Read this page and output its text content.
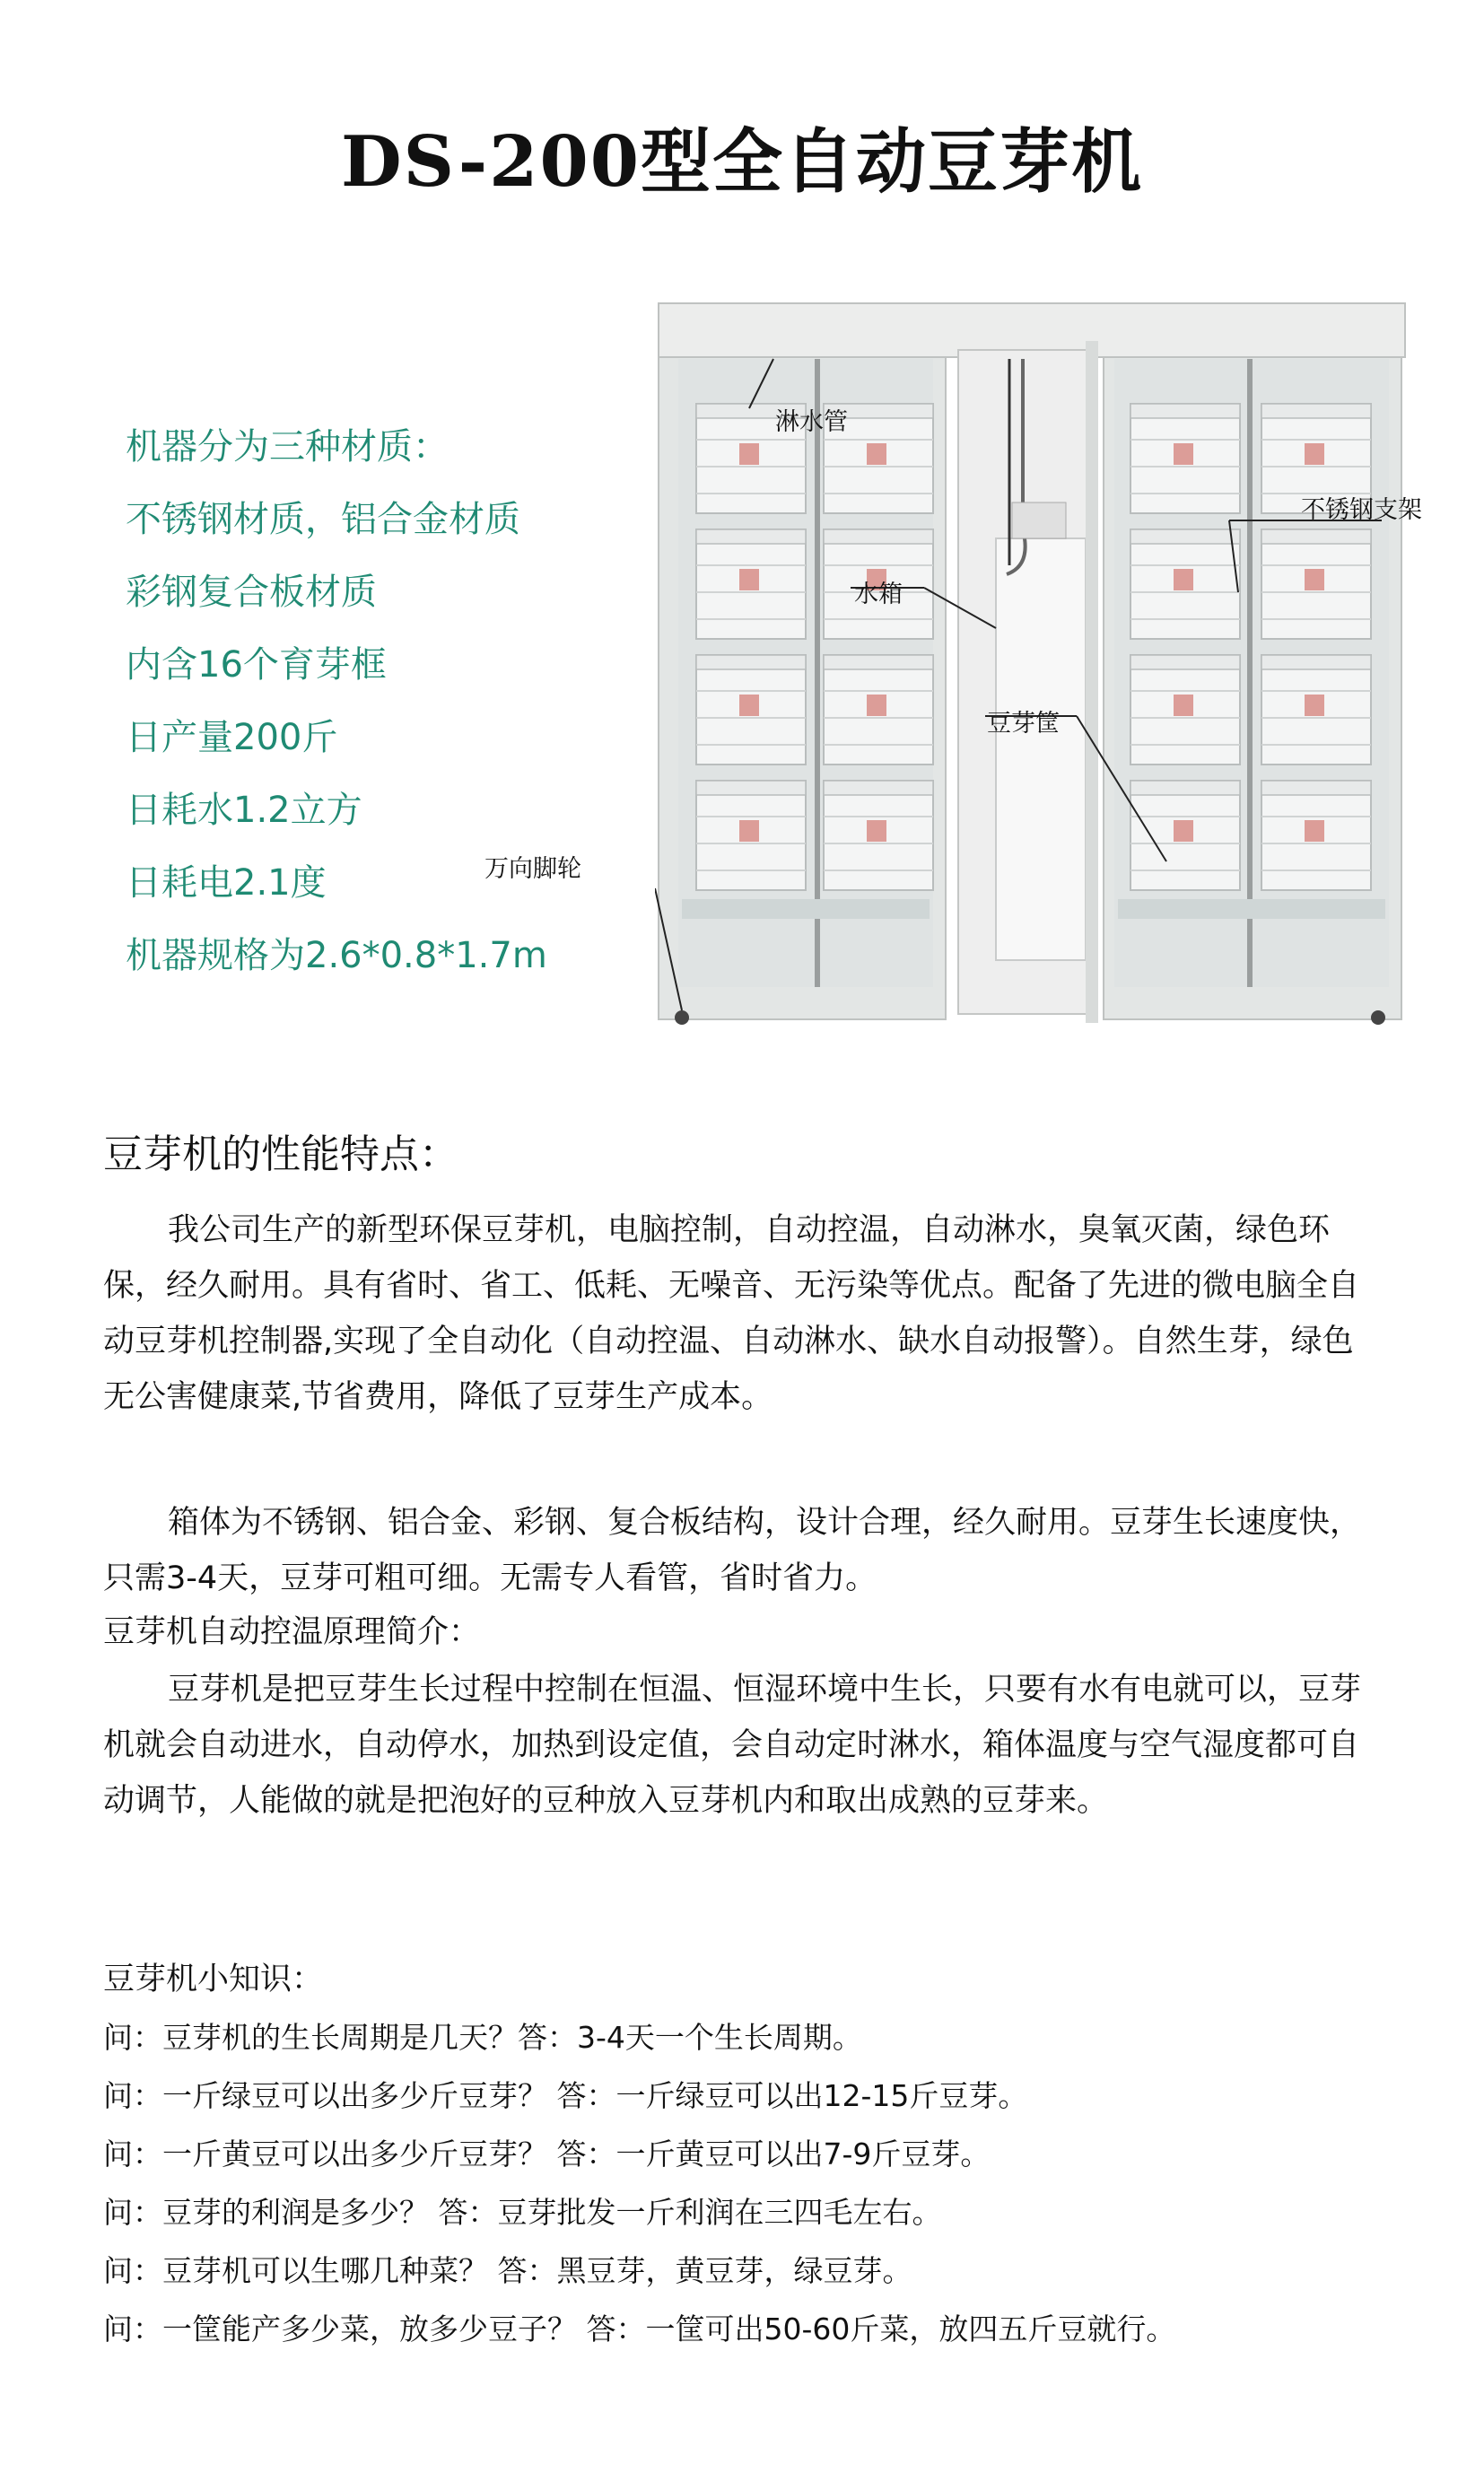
DS-200型全自动豆芽机
机器分为三种材质：
不锈钢材质，铝合金材质
彩钢复合板材质
内含16个育芽框
日产量200斤
日耗水1.2立方
日耗电2.1度
机器规格为2.6*0.8*1.7m
淋水管
不锈钢支架
水箱
豆芽筐
万向脚轮
豆芽机的性能特点：

我公司生产的新型环保豆芽机，电脑控制，自动控温，自动淋水，臭氧灭菌，绿色环保，经久耐用。具有省时、省工、低耗、无噪音、无污染等优点。配备了先进的微电脑全自动豆芽机控制器,实现了全自动化（自动控温、自动淋水、缺水自动报警）。自然生芽，绿色无公害健康菜,节省费用，降低了豆芽生产成本。

箱体为不锈钢、铝合金、彩钢、复合板结构，设计合理，经久耐用。豆芽生长速度快，只需3-4天，豆芽可粗可细。无需专人看管，省时省力。

豆芽机自动控温原理简介：

豆芽机是把豆芽生长过程中控制在恒温、恒湿环境中生长，只要有水有电就可以，豆芽机就会自动进水，自动停水，加热到设定值，会自动定时淋水，箱体温度与空气湿度都可自动调节，人能做的就是把泡好的豆种放入豆芽机内和取出成熟的豆芽来。

豆芽机小知识：
问：豆芽机的生长周期是几天？答：3-4天一个生长周期。
问：一斤绿豆可以出多少斤豆芽？ 答：一斤绿豆可以出12-15斤豆芽。
问：一斤黄豆可以出多少斤豆芽？ 答：一斤黄豆可以出7-9斤豆芽。
问：豆芽的利润是多少？ 答：豆芽批发一斤利润在三四毛左右。
问：豆芽机可以生哪几种菜？ 答：黑豆芽，黄豆芽，绿豆芽。
问：一筐能产多少菜，放多少豆子？ 答：一筐可出50-60斤菜，放四五斤豆就行。
